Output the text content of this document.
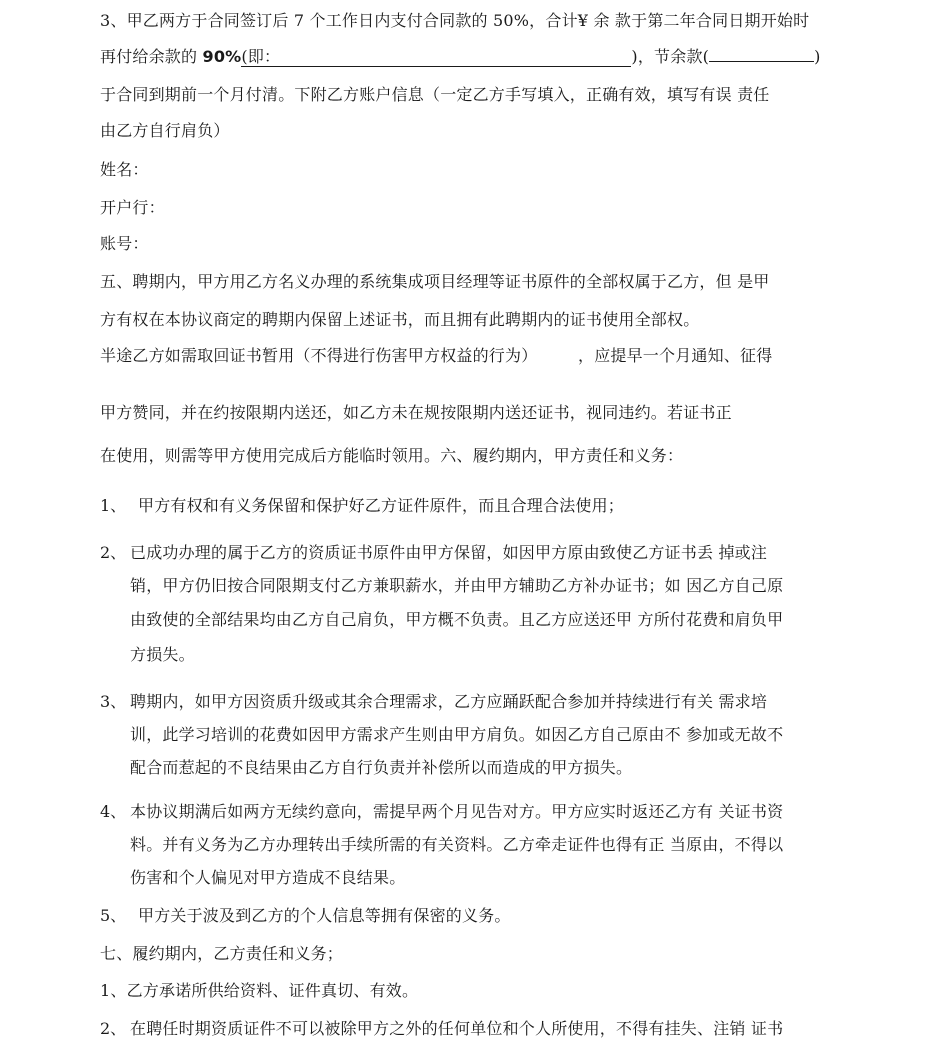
3、甲乙两方于合同签订后 7 个工作日内支付合同款的 50%，合计¥ 余 款于第二年合同日期开始时
再付给余款的 90%(即：	)，节余款(	)
于合同到期前一个月付清。下附乙方账户信息（一定乙方手写填入，正确有效，填写有误 责任
由乙方自行肩负）
姓名：
开户行：
账号：
五、聘期内，甲方用乙方名义办理的系统集成项目经理等证书原件的全部权属于乙方，但 是甲
方有权在本协议商定的聘期内保留上述证书，而且拥有此聘期内的证书使用全部权。
半途乙方如需取回证书暂用（不得进行伤害甲方权益的行为）　　　，应提早一个月通知、征得
甲方赞同，并在约按限期内送还，如乙方未在规按限期内送还证书，视同违约。若证书正
在使用，则需等甲方使用完成后方能临时领用。六、履约期内，甲方责任和义务：
1、 甲方有权和有义务保留和保护好乙方证件原件，而且合理合法使用；
2、 已成功办理的属于乙方的资质证书原件由甲方保留，如因甲方原由致使乙方证书丢 掉或注
销，甲方仍旧按合同限期支付乙方兼职薪水，并由甲方辅助乙方补办证书；如 因乙方自己原
由致使的全部结果均由乙方自己肩负，甲方概不负责。且乙方应送还甲 方所付花费和肩负甲
方损失。
3、 聘期内，如甲方因资质升级或其余合理需求，乙方应踊跃配合参加并持续进行有关 需求培
训，此学习培训的花费如因甲方需求产生则由甲方肩负。如因乙方自己原由不 参加或无故不
配合而惹起的不良结果由乙方自行负责并补偿所以而造成的甲方损失。
4、 本协议期满后如两方无续约意向，需提早两个月见告对方。甲方应实时返还乙方有 关证书资
料。并有义务为乙方办理转出手续所需的有关资料。乙方牵走证件也得有正 当原由，不得以
伤害和个人偏见对甲方造成不良结果。
5、 甲方关于波及到乙方的个人信息等拥有保密的义务。
七、履约期内，乙方责任和义务；
1、乙方承诺所供给资料、证件真切、有效。
2、 在聘任时期资质证件不可以被除甲方之外的任何单位和个人所使用，不得有挂失、注销 证书
